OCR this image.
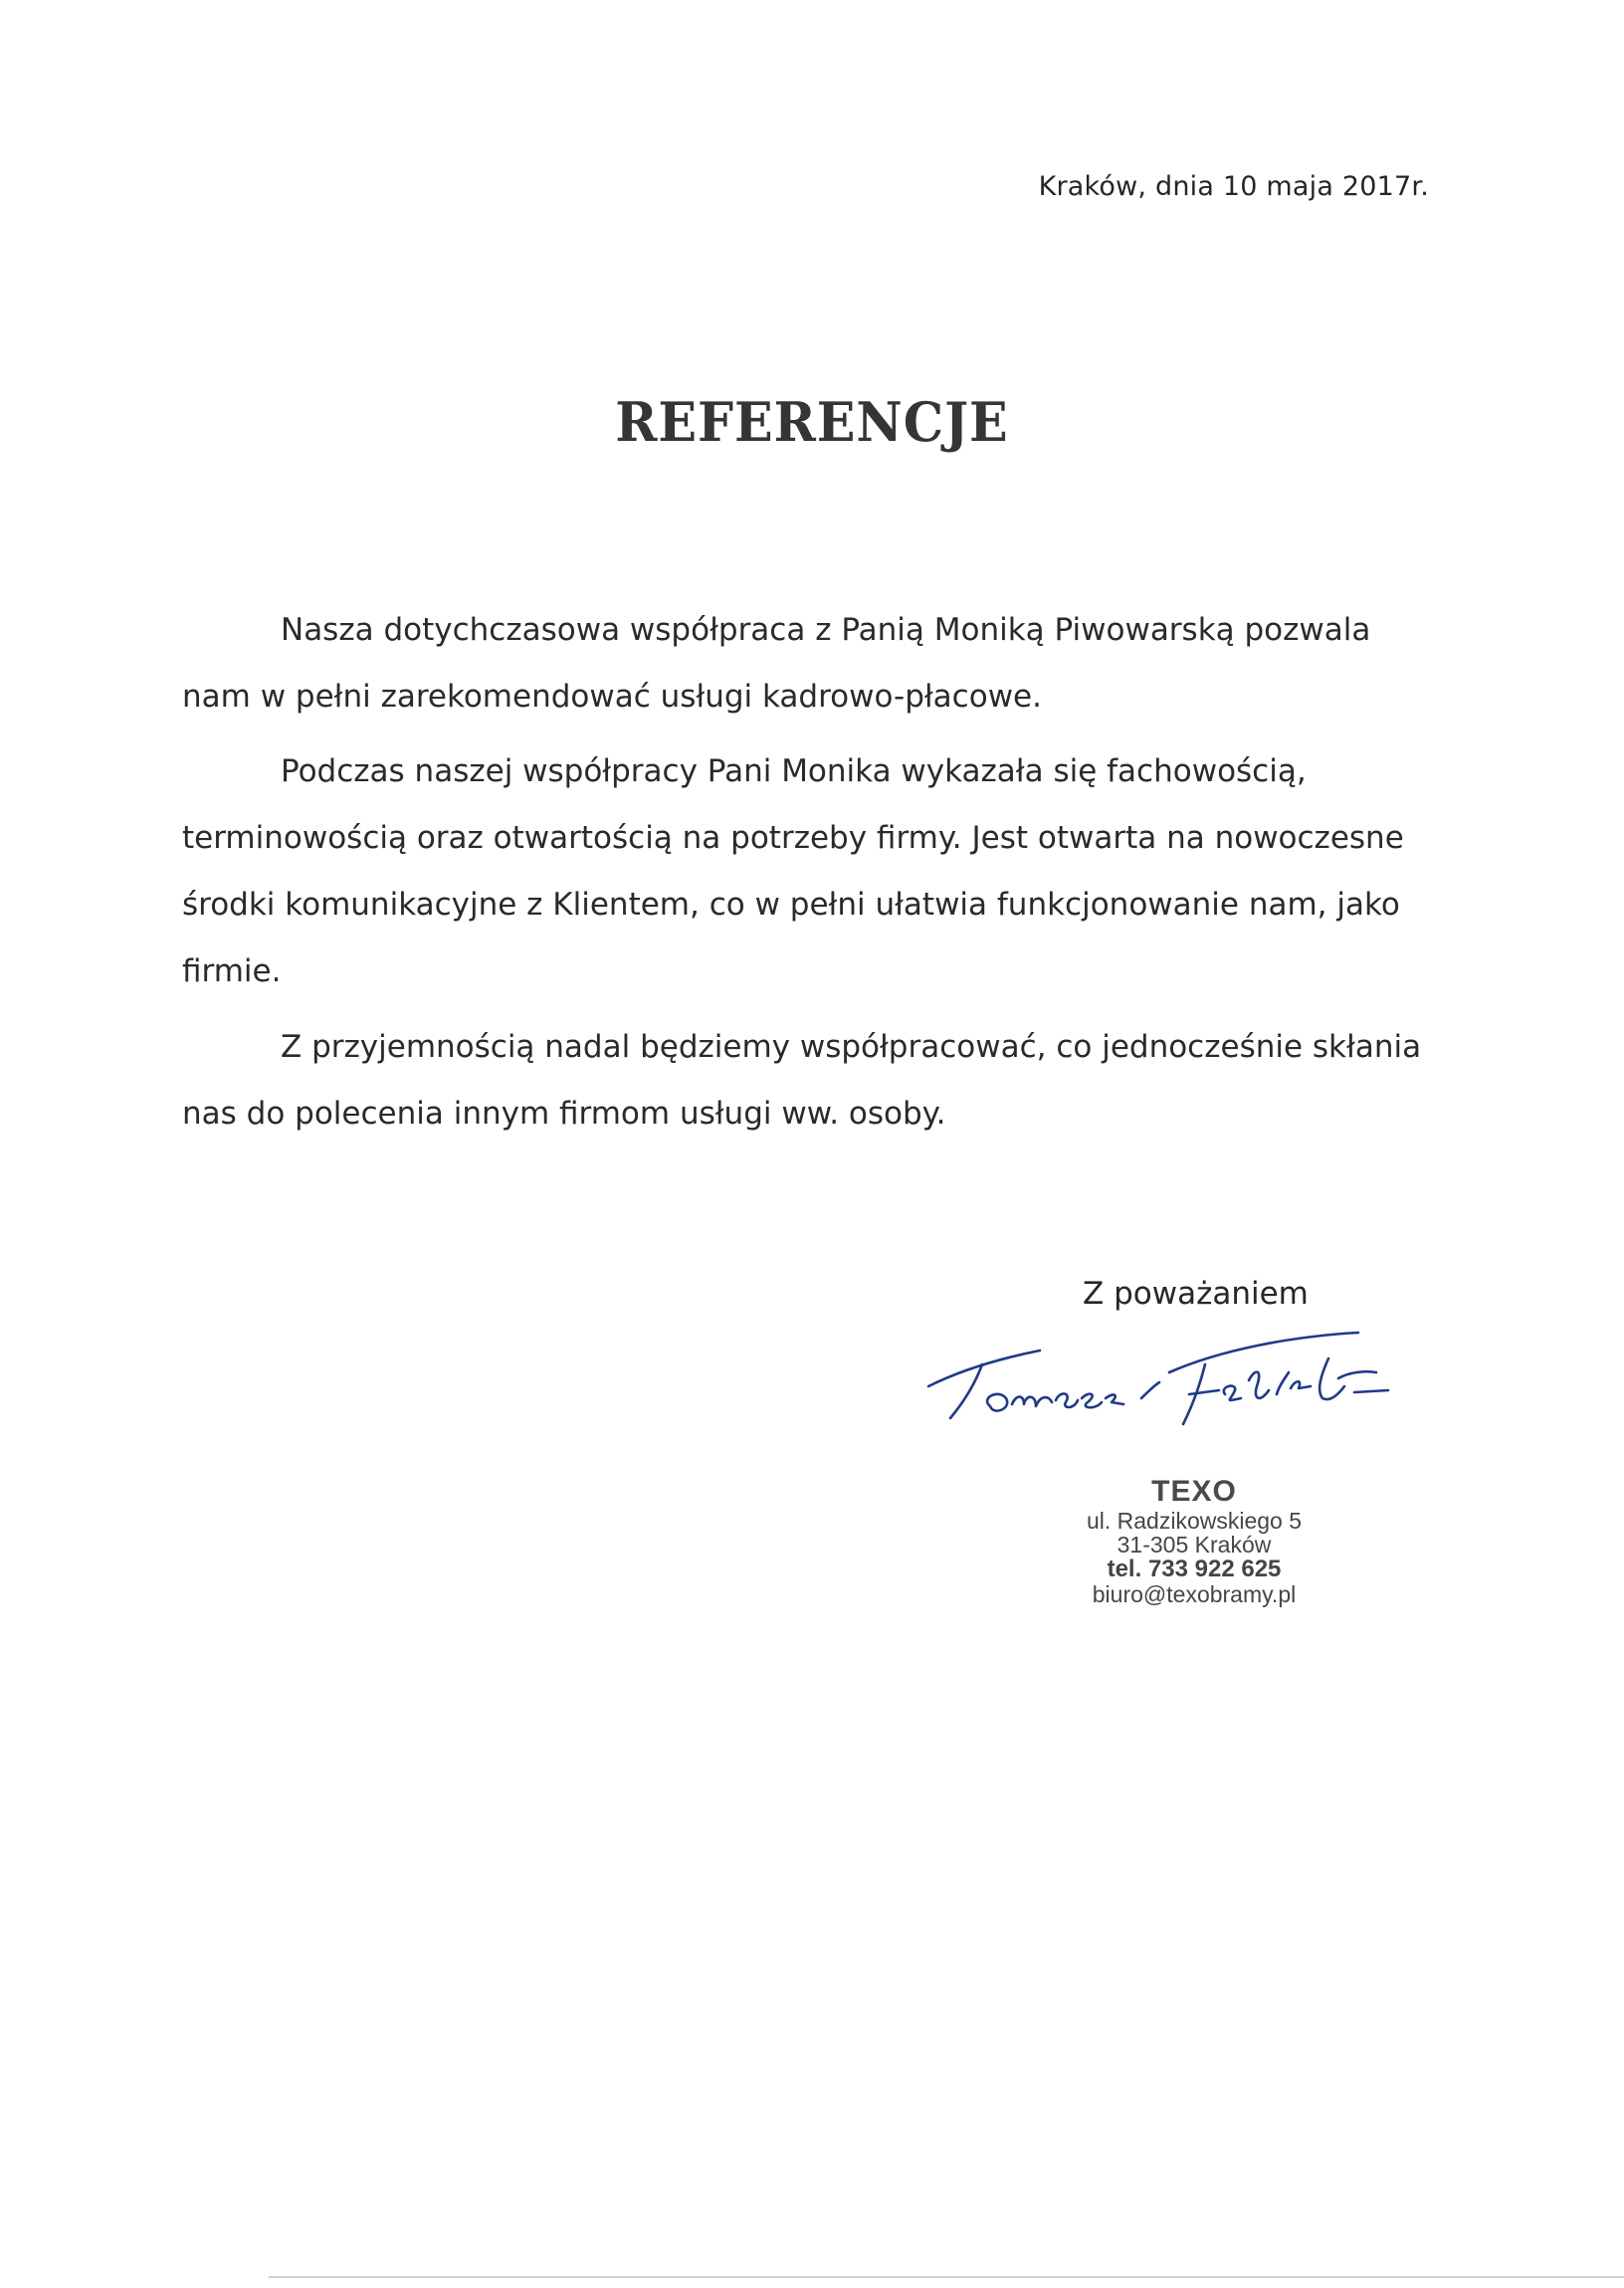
Kraków, dnia 10 maja 2017r.
REFERENCJE

Nasza dotychczasowa współpraca z Panią Moniką Piwowarską pozwala nam w pełni zarekomendować usługi kadrowo-płacowe.

Podczas naszej współpracy Pani Monika wykazała się fachowością, terminowością oraz otwartością na potrzeby firmy. Jest otwarta na nowoczesne środki komunikacyjne z Klientem, co w pełni ułatwia funkcjonowanie nam, jako firmie.

Z przyjemnością nadal będziemy współpracować, co jednocześnie skłania nas do polecenia innym firmom usługi ww. osoby.

Z poważaniem
TEXO
ul. Radzikowskiego 5
31-305 Kraków
tel. 733 922 625
biuro@texobramy.pl
